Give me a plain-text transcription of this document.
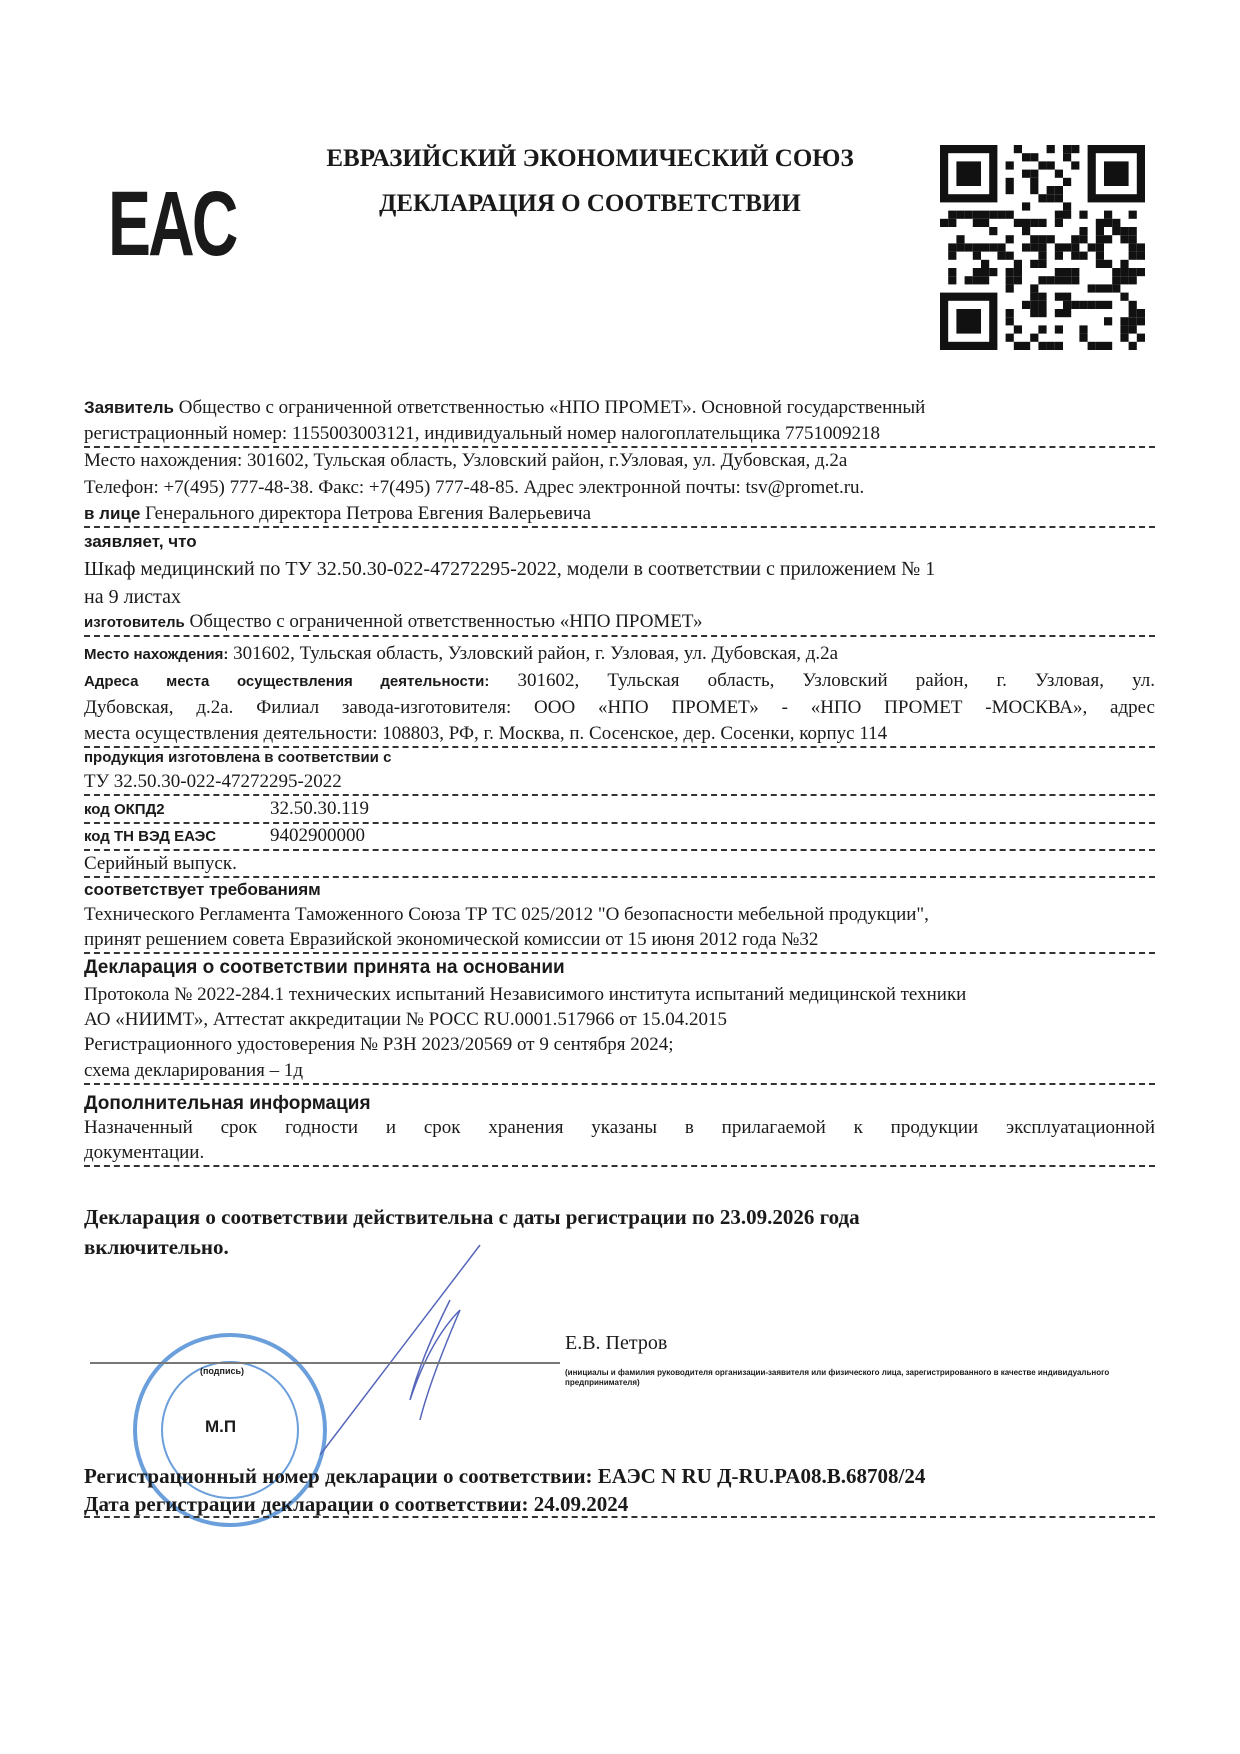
EAC
ЕВРАЗИЙСКИЙ ЭКОНОМИЧЕСКИЙ СОЮЗ
ДЕКЛАРАЦИЯ О СООТВЕТСТВИИ
Заявитель Общество с ограниченной ответственностью «НПО ПРОМЕТ». Основной государственный
регистрационный номер: 1155003003121, индивидуальный номер налогоплательщика 7751009218
Место нахождения: 301602, Тульская область, Узловский район, г.Узловая, ул. Дубовская, д.2а
Телефон: +7(495) 777-48-38. Факс: +7(495) 777-48-85. Адрес электронной почты: tsv@promet.ru.
в лице Генерального директора Петрова Евгения Валерьевича
заявляет, что
Шкаф медицинский по ТУ 32.50.30-022-47272295-2022, модели в соответствии с приложением № 1
на 9 листах
изготовитель Общество с ограниченной ответственностью «НПО ПРОМЕТ»
Место нахождения: 301602, Тульская область, Узловский район, г. Узловая, ул. Дубовская, д.2а
Адреса места осуществления деятельности: 301602, Тульская область, Узловский район, г. Узловая, ул.
Дубовская, д.2а. Филиал завода-изготовителя: ООО «НПО ПРОМЕТ» - «НПО ПРОМЕТ -МОСКВА», адрес
места осуществления деятельности: 108803, РФ, г. Москва, п. Сосенское, дер. Сосенки, корпус 114
продукция изготовлена в соответствии с
ТУ 32.50.30-022-47272295-2022
код ОКПД2	32.50.30.119
код ТН ВЭД ЕАЭС	9402900000
Серийный выпуск.
соответствует требованиям
Технического Регламента Таможенного Союза ТР ТС 025/2012 "О безопасности мебельной продукции",
принят решением совета Евразийской экономической комиссии от 15 июня 2012 года №32
Декларация о соответствии принята на основании
Протокола № 2022-284.1 технических испытаний Независимого института испытаний медицинской техники
АО «НИИМТ», Аттестат аккредитации № РОСС RU.0001.517966 от 15.04.2015
Регистрационного удостоверения № РЗН 2023/20569 от 9 сентября 2024;
схема декларирования – 1д
Дополнительная информация
Назначенный срок годности и срок хранения указаны в прилагаемой к продукции эксплуатационной
документации.
Декларация о соответствии действительна с даты регистрации по 23.09.2026 года
включительно.
(подпись)
Е.В. Петров
(инициалы и фамилия руководителя организации-заявителя или физического лица, зарегистрированного в качестве индивидуального предпринимателя)
М.П
Регистрационный номер декларации о соответствии: ЕАЭС N RU Д-RU.PA08.B.68708/24
Дата регистрации декларации о соответствии: 24.09.2024
